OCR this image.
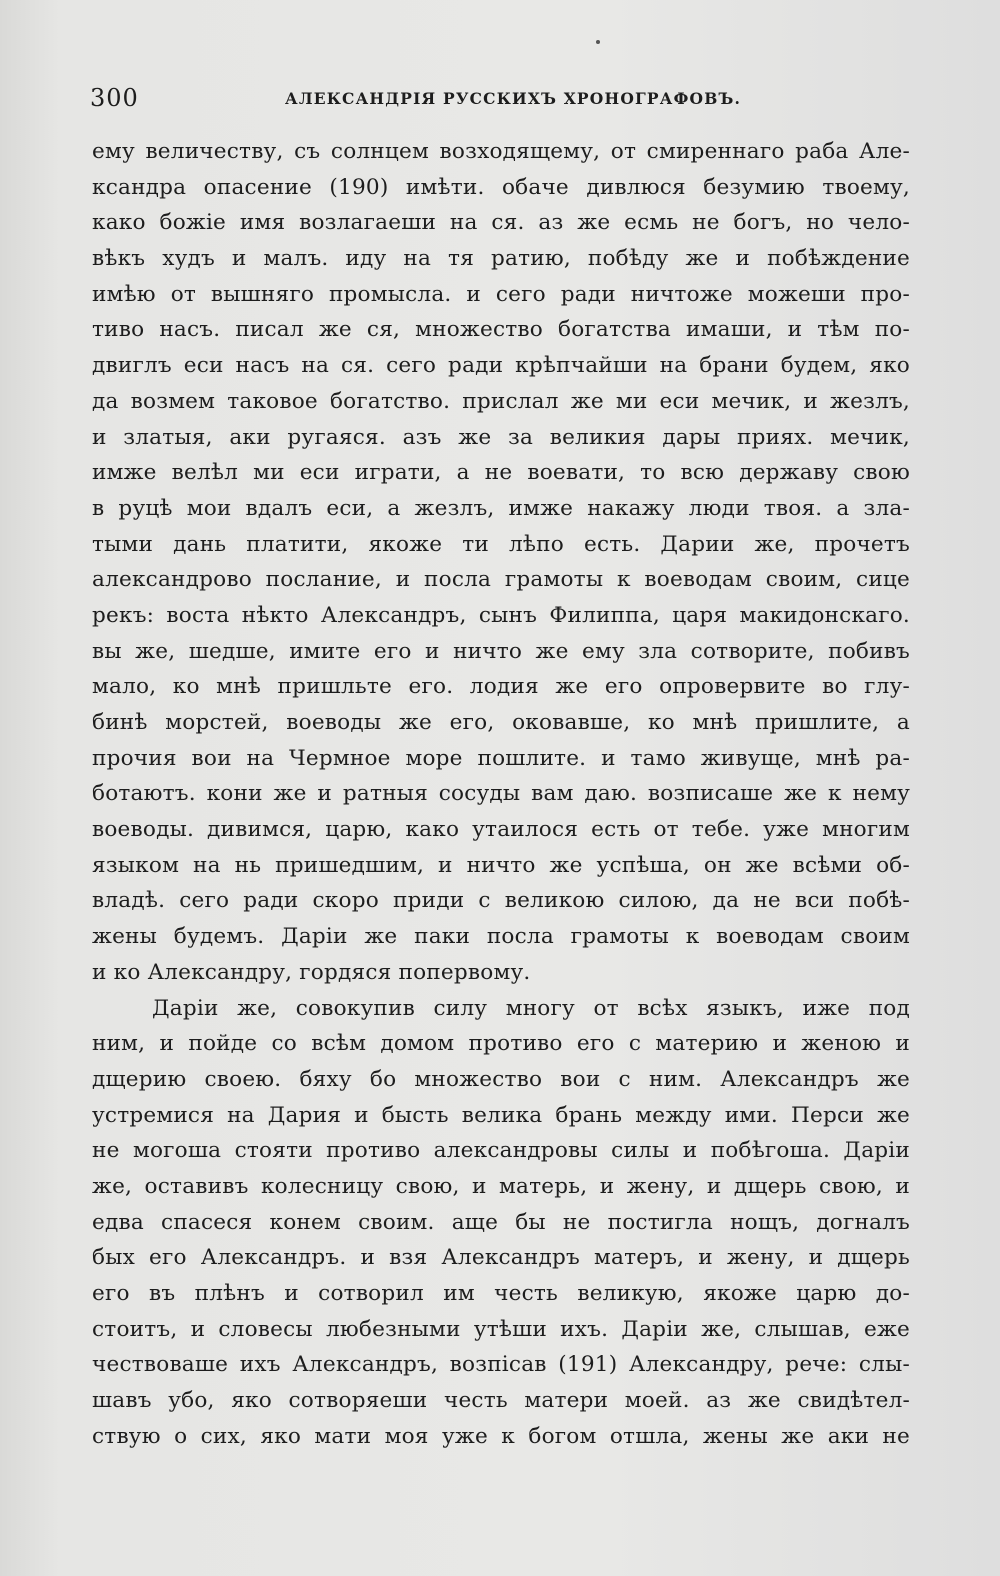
300	АЛЕКСАНДРІЯ РУССКИХЪ ХРОНОГРАФОВЪ.
ему величеству, съ солнцем возходящему, от смиреннаго раба Але-
ксандра опасение (190) имѣти. обаче дивлюся безумию твоему,
како божіе имя возлагаеши на ся. аз же есмь не богъ, но чело-
вѣкъ худъ и малъ. иду на тя ратию, побѣду же и побѣждение
имѣю от вышняго промысла. и сего ради ничтоже можеши про-
тиво насъ. писал же ся, множество богатства имаши, и тѣм по-
двиглъ еси насъ на ся. сего ради крѣпчайши на брани будем, яко
да возмем таковое богатство. прислал же ми еси мечик, и жезлъ,
и златыя, аки ругаяся. азъ же за великия дары приях. мечик,
имже велѣл ми еси играти, а не воевати, то всю державу свою
в руцѣ мои вдалъ еси, а жезлъ, имже накажу люди твоя. а зла-
тыми дань платити, якоже ти лѣпо есть. Дарии же, прочетъ
александрово послание, и посла грамоты к воеводам своим, сице
рекъ: воста нѣкто Александръ, сынъ Филиппа, царя макидонскаго.
вы же, шедше, имите его и ничто же ему зла сотворите, побивъ
мало, ко мнѣ пришльте его. лодия же его опровервите во глу-
бинѣ морстей, воеводы же его, оковавше, ко мнѣ пришлите, а
прочия вои на Чермное море пошлите. и тамо живуще, мнѣ ра-
ботаютъ. кони же и ратныя сосуды вам даю. возписаше же к нему
воеводы. дивимся, царю, како утаилося есть от тебе. уже многим
языком на нь пришедшим, и ничто же успѣша, он же всѣми об-
владѣ. сего ради скоро приди с великою силою, да не вси побѣ-
жены будемъ. Даріи же паки посла грамоты к воеводам своим
и ко Александру, гордяся попервому.
Даріи же, совокупив силу многу от всѣх языкъ, иже под
ним, и пойде со всѣм домом противо его с материю и женою и
дщерию своею. бяху бо множество вои с ним. Александръ же
устремися на Дария и бысть велика брань между ими. Перси же
не могоша стояти противо александровы силы и побѣгоша. Даріи
же, оставивъ колесницу свою, и матерь, и жену, и дщерь свою, и
едва спасеся конем своим. аще бы не постигла нощъ, догналъ
бых его Александръ. и взя Александръ матеръ, и жену, и дщерь
его въ плѣнъ и сотворил им честь великую, якоже царю до-
стоитъ, и словесы любезными утѣши ихъ. Даріи же, слышав, еже
чествоваше ихъ Александръ, возпісав (191) Александру, рече: слы-
шавъ убо, яко сотворяеши честь матери моей. аз же свидѣтел-
ствую о сих, яко мати моя уже к богом отшла, жены же аки не
